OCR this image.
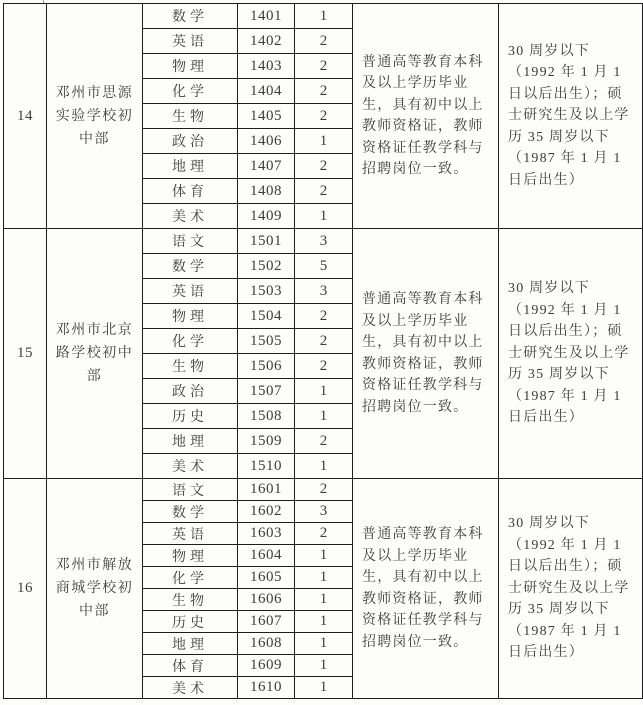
14	邓州市思源实验学校初中部	数学	1401	1	普通高等教育本科及以上学历毕业生，具有初中以上教师资格证，教师资格证任教学科与招聘岗位一致。	30 周岁以下（1992 年 1 月 1 日以后出生）；硕士研究生及以上学历 35 周岁以下（1987 年 1 月 1 日后出生）
		英语	1402	2		
		物理	1403	2		
		化学	1404	2		
		生物	1405	2		
		政治	1406	1		
		地理	1407	2		
		体育	1408	2		
		美术	1409	1		
15	邓州市北京路学校初中部	语文	1501	3	普通高等教育本科及以上学历毕业生，具有初中以上教师资格证，教师资格证任教学科与招聘岗位一致。	30 周岁以下（1992 年 1 月 1 日以后出生）；硕士研究生及以上学历 35 周岁以下（1987 年 1 月 1 日后出生）
		数学	1502	5		
		英语	1503	3		
		物理	1504	2		
		化学	1505	2		
		生物	1506	2		
		政治	1507	1		
		历史	1508	1		
		地理	1509	2		
		美术	1510	1		
16	邓州市解放商城学校初中部	语文	1601	2	普通高等教育本科及以上学历毕业生，具有初中以上教师资格证，教师资格证任教学科与招聘岗位一致。	30 周岁以下（1992 年 1 月 1 日以后出生）；硕士研究生及以上学历 35 周岁以下（1987 年 1 月 1 日后出生）
		数学	1602	3		
		英语	1603	2		
		物理	1604	1		
		化学	1605	1		
		生物	1606	1		
		历史	1607	1		
		地理	1608	1		
		体育	1609	1		
		美术	1610	1		
